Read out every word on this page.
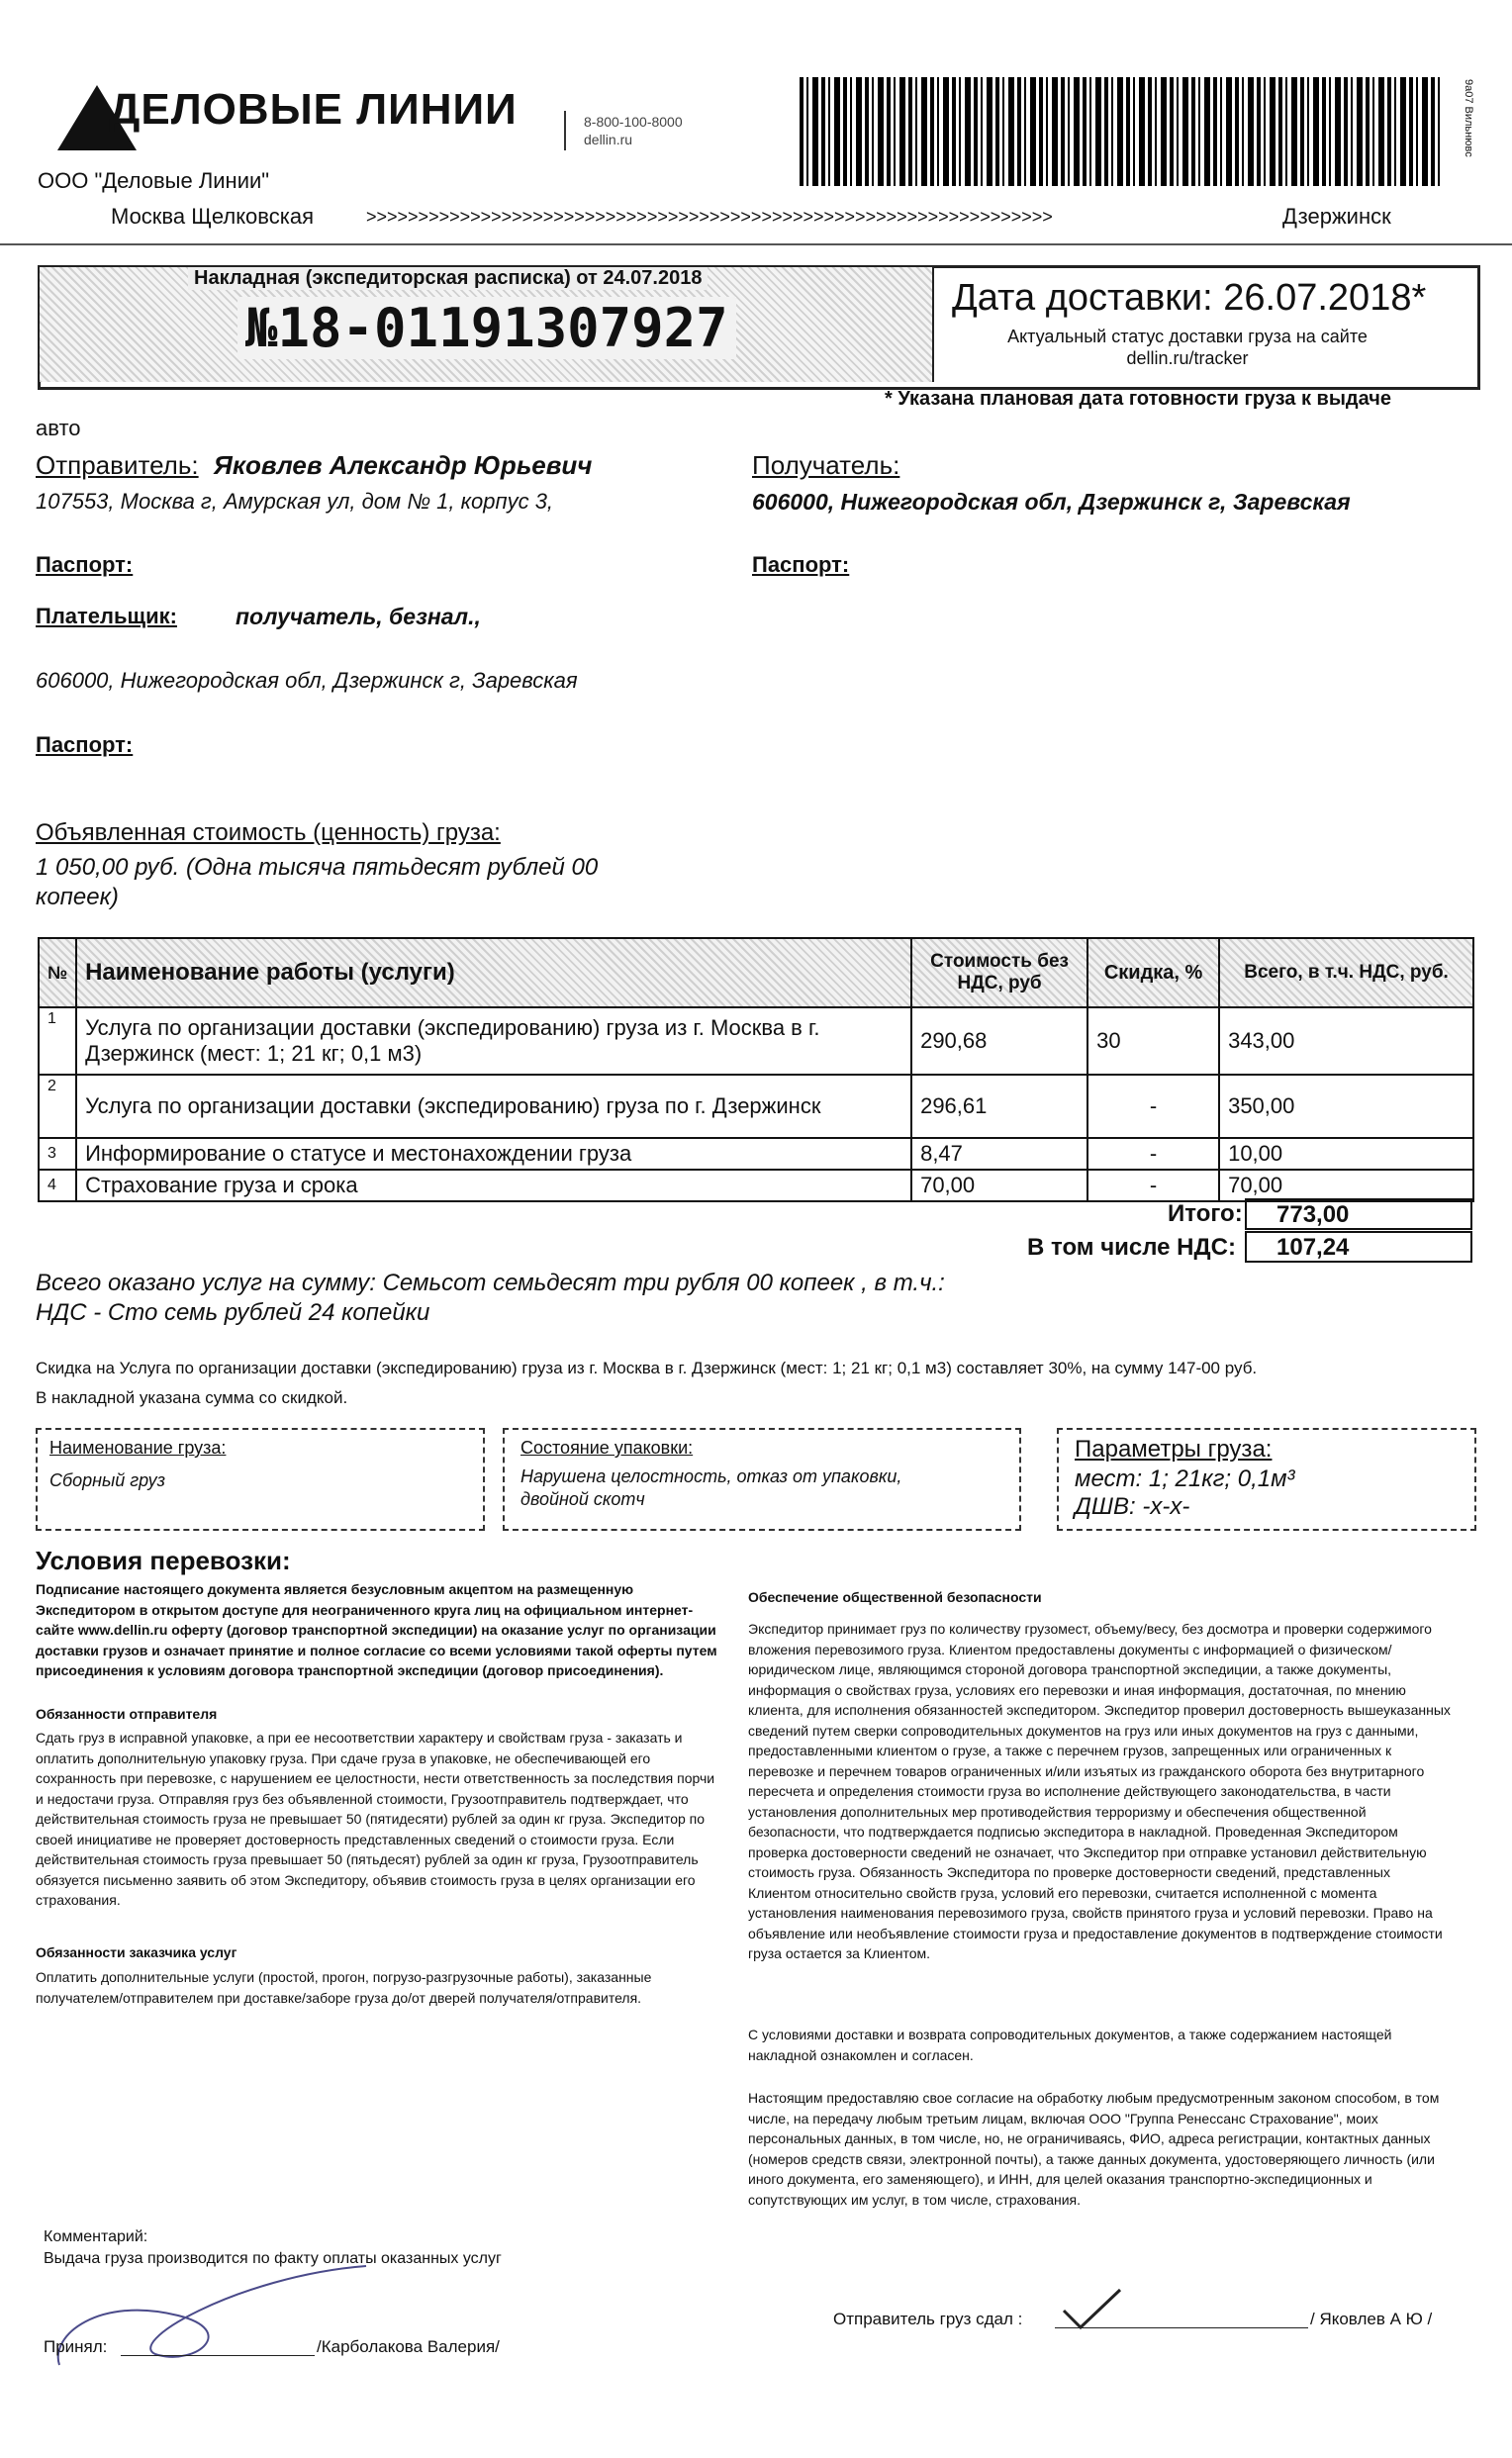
ДЕЛОВЫЕ ЛИНИИ	8-800-100-8000
dellin.ru	9a07 Вильнювс
ООО "Деловые Линии"
Москва Щелковская	>>>>>>>>>>>>>>>>>>>>>>>>>>>>>>>>>>>>>>>>>>>>>>>>>>>>>>>>>>>>>>>>>>	Дзержинск
Накладная (экспедиторская расписка) от 24.07.2018
№18-01191307927	Дата доставки: 26.07.2018*
Актуальный статус доставки груза на сайте
dellin.ru/tracker
* Указана плановая дата готовности груза к выдаче
авто
Отправитель: Яковлев Александр Юрьевич
107553, Москва г, Амурская ул, дом № 1, корпус 3,
Паспорт:
Получатель:
606000, Нижегородская обл, Дзержинск г, Заревская
Паспорт:
Плательщик:	получатель, безнал.,
606000, Нижегородская обл, Дзержинск г, Заревская
Паспорт:
Объявленная стоимость (ценность) груза:
1 050,00 руб. (Одна тысяча пятьдесят рублей 00
копеек)
№	Наименование работы (услуги)	Стоимость без НДС, руб	Скидка, %	Всего, в т.ч. НДС, руб.
1	Услуга по организации доставки (экспедированию) груза из г. Москва в г. Дзержинск (мест: 1; 21 кг; 0,1 м3)	290,68	30	343,00
2	Услуга по организации доставки (экспедированию) груза по г. Дзержинск	296,61	-	350,00
3	Информирование о статусе и местонахождении груза	8,47	-	10,00
4	Страхование груза и срока	70,00	-	70,00
Итого:	773,00
В том числе НДС:	107,24
Всего оказано услуг на сумму: Семьсот семьдесят три рубля 00 копеек , в т.ч.:
НДС - Сто семь рублей 24 копейки
Скидка на Услуга по организации доставки (экспедированию) груза из г. Москва в г. Дзержинск (мест: 1; 21 кг; 0,1 м3) составляет 30%, на сумму 147-00 руб.
В накладной указана сумма со скидкой.
Наименование груза:
Сборный груз
Состояние упаковки:
Нарушена целостность, отказ от упаковки,
двойной скотч
Параметры груза:
мест: 1; 21кг; 0,1м³
ДШВ: -х-х-
Условия перевозки:
Подписание настоящего документа является безусловным акцептом на размещенную Экспедитором в открытом доступе для неограниченного круга лиц на официальном интернет-сайте www.dellin.ru оферту (договор транспортной экспедиции) на оказание услуг по организации доставки грузов и означает принятие и полное согласие со всеми условиями такой оферты путем присоединения к условиям договора транспортной экспедиции (договор присоединения).
Обязанности отправителя
Сдать груз в исправной упаковке, а при ее несоответствии характеру и свойствам груза - заказать и оплатить дополнительную упаковку груза. При сдаче груза в упаковке, не обеспечивающей его сохранность при перевозке, с нарушением ее целостности, нести ответственность за последствия порчи и недостачи груза. Отправляя груз без объявленной стоимости, Грузоотправитель подтверждает, что действительная стоимость груза не превышает 50 (пятидесяти) рублей за один кг груза. Экспедитор по своей инициативе не проверяет достоверность представленных сведений о стоимости груза. Если действительная стоимость груза превышает 50 (пятьдесят) рублей за один кг груза, Грузоотправитель обязуется письменно заявить об этом Экспедитору, объявив стоимость груза в целях организации его страхования.
Обязанности заказчика услуг
Оплатить дополнительные услуги (простой, прогон, погрузо-разгрузочные работы), заказанные получателем/отправителем при доставке/заборе груза до/от дверей получателя/отправителя.
Обеспечение общественной безопасности
Экспедитор принимает груз по количеству грузомест, объему/весу, без досмотра и проверки содержимого вложения перевозимого груза. Клиентом предоставлены документы с информацией о физическом/юридическом лице, являющимся стороной договора транспортной экспедиции, а также документы, информация о свойствах груза, условиях его перевозки и иная информация, достаточная, по мнению клиента, для исполнения обязанностей экспедитором. Экспедитор проверил достоверность вышеуказанных сведений путем сверки сопроводительных документов на груз или иных документов на груз с данными, предоставленными клиентом о грузе, а также с перечнем грузов, запрещенных или ограниченных к перевозке и перечнем товаров ограниченных и/или изъятых из гражданского оборота без внутритарного пересчета и определения стоимости груза во исполнение действующего законодательства, в части установления дополнительных мер противодействия терроризму и обеспечения общественной безопасности, что подтверждается подписью экспедитора в накладной. Проведенная Экспедитором проверка достоверности сведений не означает, что Экспедитор при отправке установил действительную стоимость груза. Обязанность Экспедитора по проверке достоверности сведений, представленных Клиентом относительно свойств груза, условий его перевозки, считается исполненной с момента установления наименования перевозимого груза, свойств принятого груза и условий перевозки. Право на объявление или необъявление стоимости груза и предоставление документов в подтверждение стоимости груза остается за Клиентом.
С условиями доставки и возврата сопроводительных документов, а также содержанием настоящей накладной ознакомлен и согласен.
Настоящим предоставляю свое согласие на обработку любым предусмотренным законом способом, в том числе, на передачу любым третьим лицам, включая ООО "Группа Ренессанс Страхование", моих персональных данных, в том числе, но, не ограничиваясь, ФИО, адреса регистрации, контактных данных (номеров средств связи, электронной почты), а также данных документа, удостоверяющего личность (или иного документа, его заменяющего), и ИНН, для целей оказания транспортно-экспедиционных и сопутствующих им услуг, в том числе, страхования.
Комментарий:
Выдача груза производится по факту оплаты оказанных услуг
Принял:	/Карболакова Валерия/
Отправитель груз сдал :	/ Яковлев А Ю /
